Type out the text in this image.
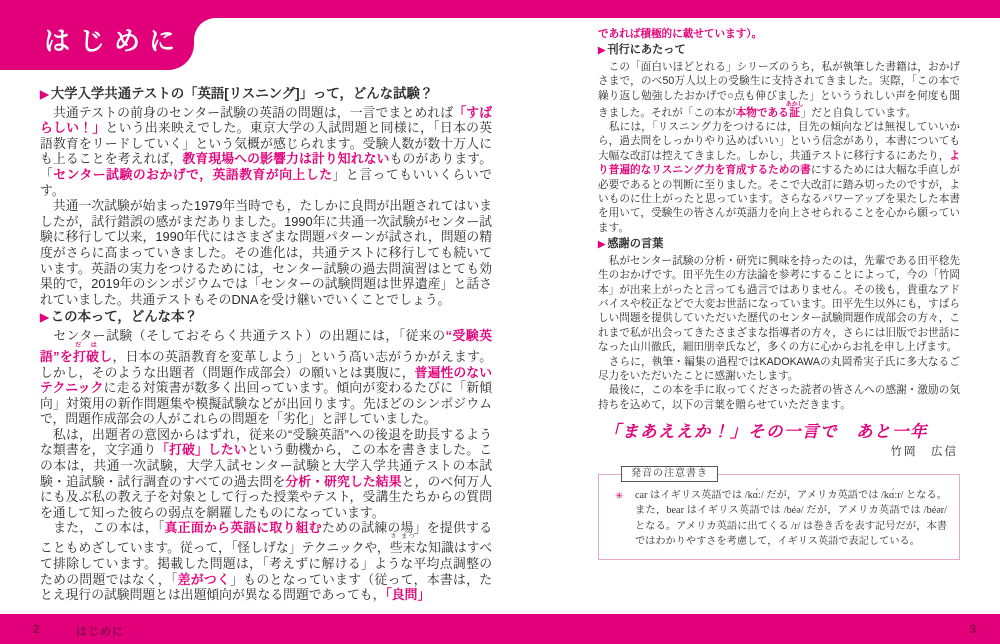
はじめに
▶ 大学入学共通テストの「英語[リスニング]」って，どんな試験？
　共通テストの前身のセンター試験の英語の問題は，一言でまとめれば「すばらしい！」という出来映えでした。東京大学の入試問題と同様に，「日本の英語教育をリードしていく」という気概が感じられます。受験人数が数十万人にも上ることを考えれば，教育現場への影響力は計り知れないものがあります。「センター試験のおかげで，英語教育が向上した」と言ってもいいくらいです。
　共通一次試験が始まった1979年当時でも，たしかに良問が出題されてはいましたが，試行錯誤の感がまだありました。1990年に共通一次試験がセンター試験に移行して以来，1990年代にはさまざまな問題パターンが試され，問題の精度がさらに高まっていきました。その進化は，共通テストに移行しても続いています。英語の実力をつけるためには，センター試験の過去問演習はとても効果的で，2019年のシンポジウムでは「センターの試験問題は世界遺産」と話されていました。共通テストもそのDNAを受け継いでいくことでしょう。
▶ この本って，どんな本？
　センター試験（そしておそらく共通テスト）の出題には，「従来の“受験英語”を打破だ はし，日本の英語教育を変革しよう」という高い志がうかがえます。しかし，そのような出題者（問題作成部会）の願いとは裏腹に，普遍性のないテクニックに走る対策書が数多く出回っています。傾向が変わるたびに「新傾向」対策用の新作問題集や模擬試験などが出回ります。先ほどのシンポジウムで，問題作成部会の人がこれらの問題を「劣化」と評していました。
　私は，出題者の意図からはずれ，従来の“受験英語”への後退を助長するような類書を，文字通り「打破」したいという動機から，この本を書きました。この本は，共通一次試験，大学入試センター試験と大学入学共通テストの本試験・追試験・試行調査のすべての過去問を分析・研究した結果と，のべ何万人にも及ぶ私の教え子を対象として行った授業やテスト，受講生たちからの質問を通して知った彼らの弱点を網羅したものになっています。
　また，この本は，「真正面から英語に取り組むための試練の場」を提供することもめざしています。従って，「怪しげな」テクニックや，些末さ まつな知識はすべて排除しています。掲載した問題は，「考えずに解ける」ような平均点調整のための問題ではなく，「差がつく」ものとなっています（従って，本書は，たとえ現行の試験問題とは出題傾向が異なる問題であっても，「良問」
であれば積極的に載せています）。
▶ 刊行にあたって
　この「面白いほどとれる」シリーズのうち，私が執筆した書籍は，おかげさまで，のべ50万人以上の受験生に支持されてきました。実際，「この本で繰り返し勉強したおかげで○点も伸びました」といううれしい声を何度も聞きました。それが「この本が本物である証あかし」だと自負しています。
　私には，「リスニング力をつけるには，目先の傾向などは無視していいから，過去問をしっかりやり込めばいい」という信念があり，本書についても大幅な改訂は控えてきました。しかし，共通テストに移行するにあたり，より普遍的なリスニング力を育成するための書にするためには大幅な手直しが必要であるとの判断に至りました。そこで大改訂に踏み切ったのですが，よいものに仕上がったと思っています。さらなるパワーアップを果たした本書を用いて，受験生の皆さんが英語力を向上させられることを心から願っています。
▶ 感謝の言葉
　私がセンター試験の分析・研究に興味を持ったのは，先輩である田平稔先生のおかげです。田平先生の方法論を参考にすることによって，今の「竹岡本」が出来上がったと言っても過言ではありません。その後も，貴重なアドバイスや校正などで大変お世話になっています。田平先生以外にも，すばらしい問題を提供していただいた歴代のセンター試験問題作成部会の方々，これまで私が出会ってきたさまざまな指導者の方々，さらには旧版でお世話になった山川徹氏，細田朋幸氏など，多くの方に心からお礼を申し上げます。
　さらに，執筆・編集の過程ではKADOKAWAの丸岡希実子氏に多大なるご尽力をいただいたことに感謝いたします。
　最後に，この本を手に取ってくださった読者の皆さんへの感謝・激励の気持ちを込めて，以下の言葉を贈らせていただきます。
「まあええか！」その一言で　あと一年
竹岡　広信
発音の注意書き
✳ car はイギリス英語では /kɑ́ː/ だが，アメリカ英語では /kɑ́ːr/ となる。また，bear はイギリス英語では /béə/ だが，アメリカ英語では /béər/ となる。アメリカ英語に出てくる /r/ は巻き舌を表す記号だが，本書ではわかりやすさを考慮して，イギリス英語で表記している。
2	はじめに	3
